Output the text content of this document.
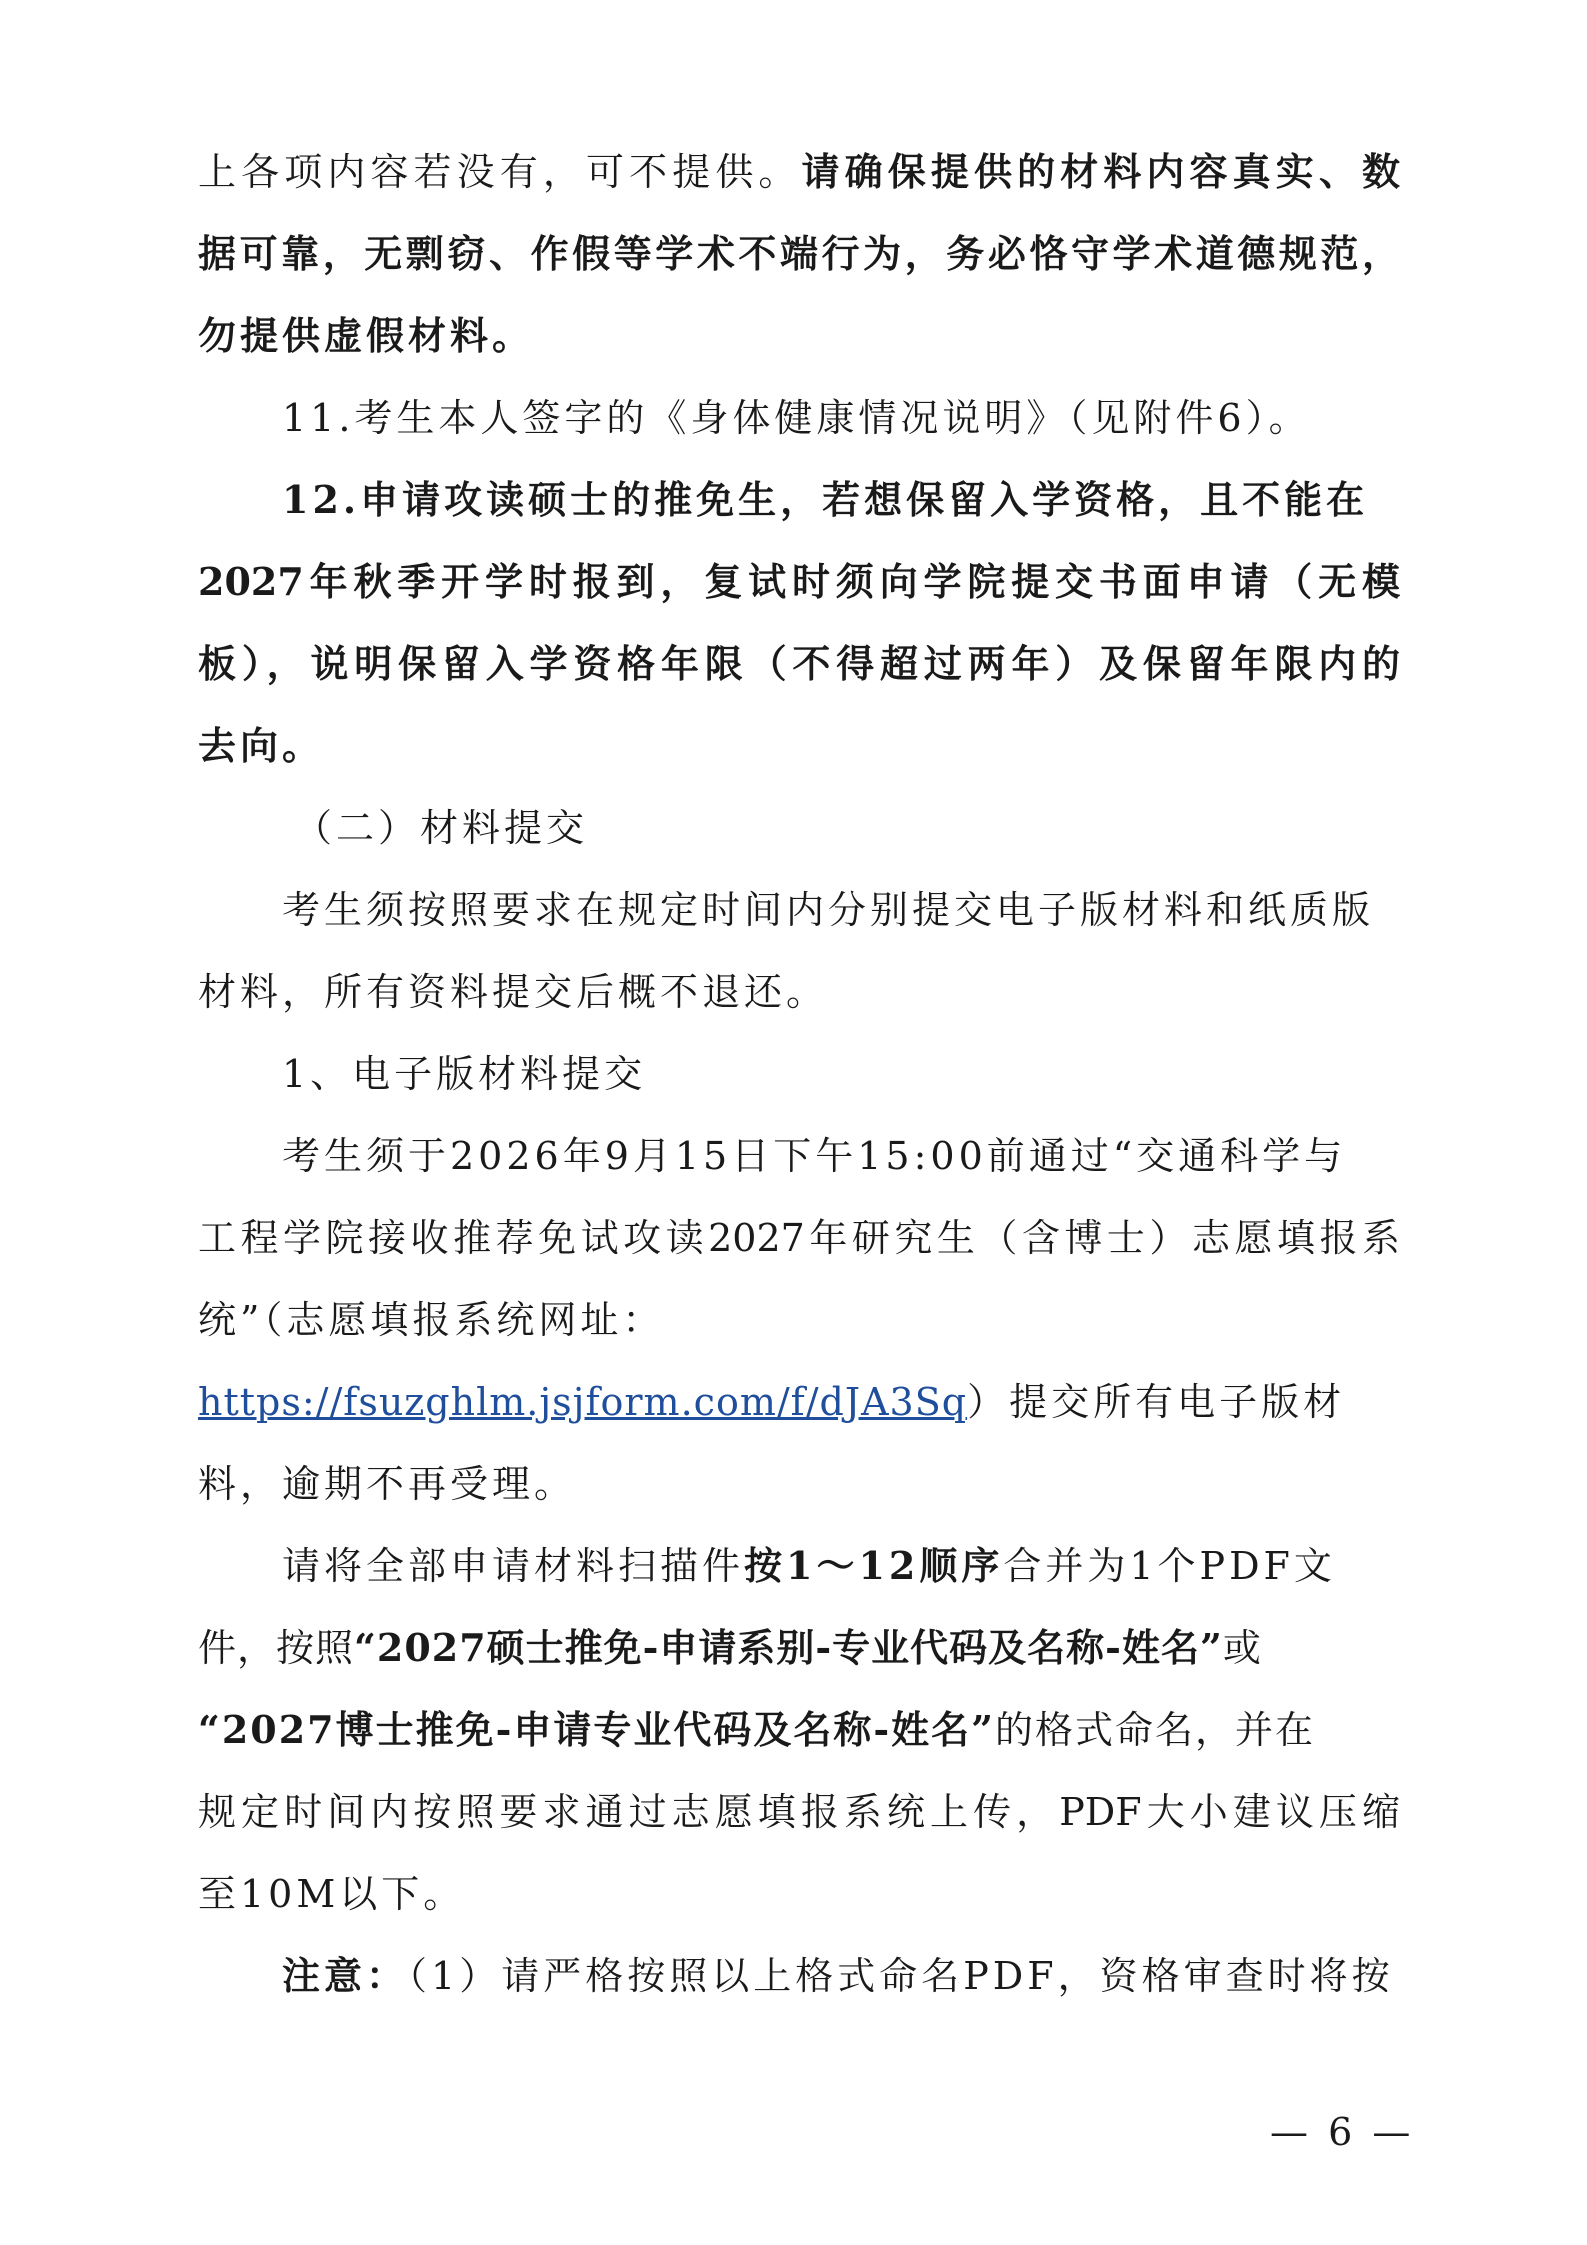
上各项内容若没有，可不提供。请确保提供的材料内容真实、数
据可靠，无剽窃、作假等学术不端行为，务必恪守学术道德规范，
勿提供虚假材料。
11.考生本人签字的《身体健康情况说明》（见附件6）。
12.申请攻读硕士的推免生，若想保留入学资格，且不能在
2027年秋季开学时报到，复试时须向学院提交书面申请（无模
板），说明保留入学资格年限（不得超过两年）及保留年限内的
去向。
（二）材料提交
考生须按照要求在规定时间内分别提交电子版材料和纸质版
材料，所有资料提交后概不退还。
1、电子版材料提交
考生须于2026年9月15日下午15:00前通过“交通科学与
工程学院接收推荐免试攻读2027年研究生（含博士）志愿填报系
统”（志愿填报系统网址：
https://fsuzghlm.jsjform.com/f/dJA3Sq）提交所有电子版材
料，逾期不再受理。
请将全部申请材料扫描件按1～12顺序合并为1个PDF文
件，按照“2027硕士推免-申请系别-专业代码及名称-姓名”或
“2027博士推免-申请专业代码及名称-姓名”的格式命名，并在
规定时间内按照要求通过志愿填报系统上传，PDF大小建议压缩
至10M以下。
注意：（1）请严格按照以上格式命名PDF，资格审查时将按
— 6 —
